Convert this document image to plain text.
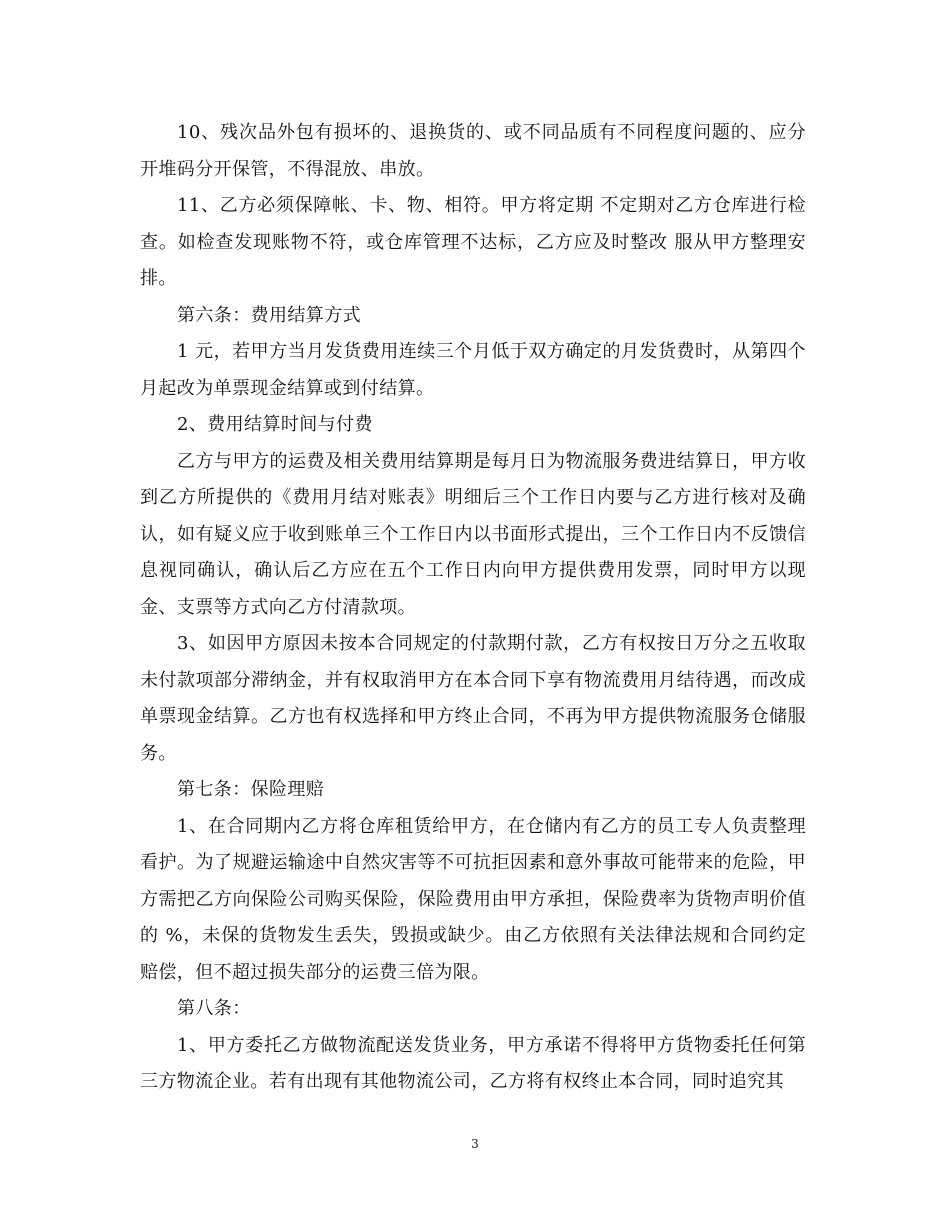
10、残次品外包有损坏的、退换货的、或不同品质有不同程度问题的、应分开堆码分开保管，不得混放、串放。

11、乙方必须保障帐、卡、物、相符。甲方将定期 不定期对乙方仓库进行检查。如检查发现账物不符，或仓库管理不达标，乙方应及时整改 服从甲方整理安排。

第六条：费用结算方式

1 元，若甲方当月发货费用连续三个月低于双方确定的月发货费时，从第四个月起改为单票现金结算或到付结算。

2、费用结算时间与付费

乙方与甲方的运费及相关费用结算期是每月日为物流服务费进结算日，甲方收到乙方所提供的《费用月结对账表》明细后三个工作日内要与乙方进行核对及确认，如有疑义应于收到账单三个工作日内以书面形式提出，三个工作日内不反馈信息视同确认，确认后乙方应在五个工作日内向甲方提供费用发票，同时甲方以现金、支票等方式向乙方付清款项。

3、如因甲方原因未按本合同规定的付款期付款，乙方有权按日万分之五收取未付款项部分滞纳金，并有权取消甲方在本合同下享有物流费用月结待遇，而改成单票现金结算。乙方也有权选择和甲方终止合同，不再为甲方提供物流服务仓储服务。

第七条：保险理赔

1、在合同期内乙方将仓库租赁给甲方，在仓储内有乙方的员工专人负责整理看护。为了规避运输途中自然灾害等不可抗拒因素和意外事故可能带来的危险，甲方需把乙方向保险公司购买保险，保险费用由甲方承担，保险费率为货物声明价值的 %，未保的货物发生丢失，毁损或缺少。由乙方依照有关法律法规和合同约定赔偿，但不超过损失部分的运费三倍为限。

第八条：

1、甲方委托乙方做物流配送发货业务，甲方承诺不得将甲方货物委托任何第三方物流企业。若有出现有其他物流公司，乙方将有权终止本合同，同时追究其

3
